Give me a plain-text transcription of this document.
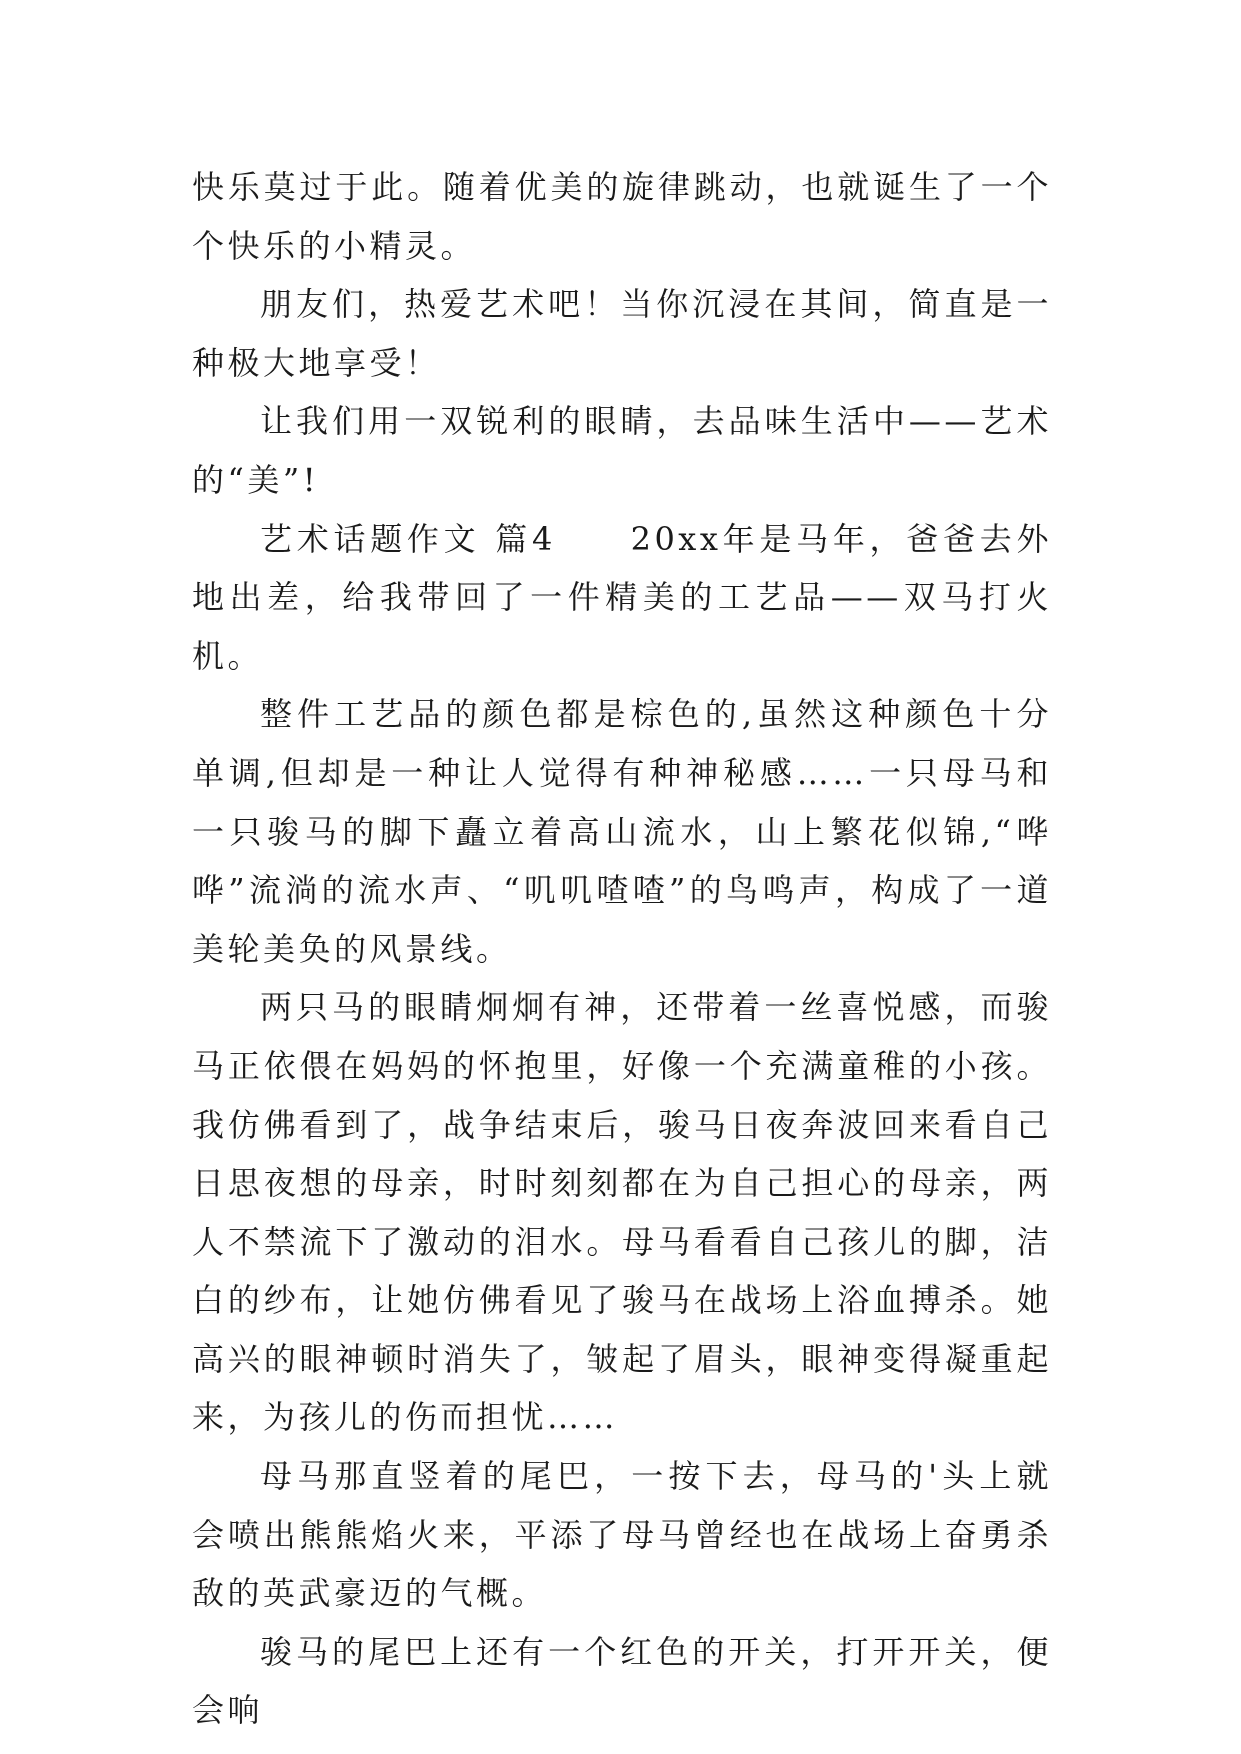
快乐莫过于此。随着优美的旋律跳动，也就诞生了一个个快乐的小精灵。

朋友们，热爱艺术吧！当你沉浸在其间，简直是一种极大地享受！

让我们用一双锐利的眼睛，去品味生活中——艺术的“美”!

艺术话题作文 篇4　　20xx年是马年，爸爸去外地出差，给我带回了一件精美的工艺品——双马打火机。

整件工艺品的颜色都是棕色的,虽然这种颜色十分单调,但却是一种让人觉得有种神秘感……一只母马和一只骏马的脚下矗立着高山流水，山上繁花似锦,“哗哗”流淌的流水声、“叽叽喳喳”的鸟鸣声，构成了一道美轮美奂的风景线。

两只马的眼睛炯炯有神，还带着一丝喜悦感，而骏马正依偎在妈妈的怀抱里，好像一个充满童稚的小孩。我仿佛看到了，战争结束后，骏马日夜奔波回来看自己日思夜想的母亲，时时刻刻都在为自己担心的母亲，两人不禁流下了激动的泪水。母马看看自己孩儿的脚，洁白的纱布，让她仿佛看见了骏马在战场上浴血搏杀。她高兴的眼神顿时消失了，皱起了眉头，眼神变得凝重起来，为孩儿的伤而担忧……

母马那直竖着的尾巴，一按下去，母马的'头上就会喷出熊熊焰火来，平添了母马曾经也在战场上奋勇杀敌的英武豪迈的气概。

骏马的尾巴上还有一个红色的开关，打开开关，便会响
